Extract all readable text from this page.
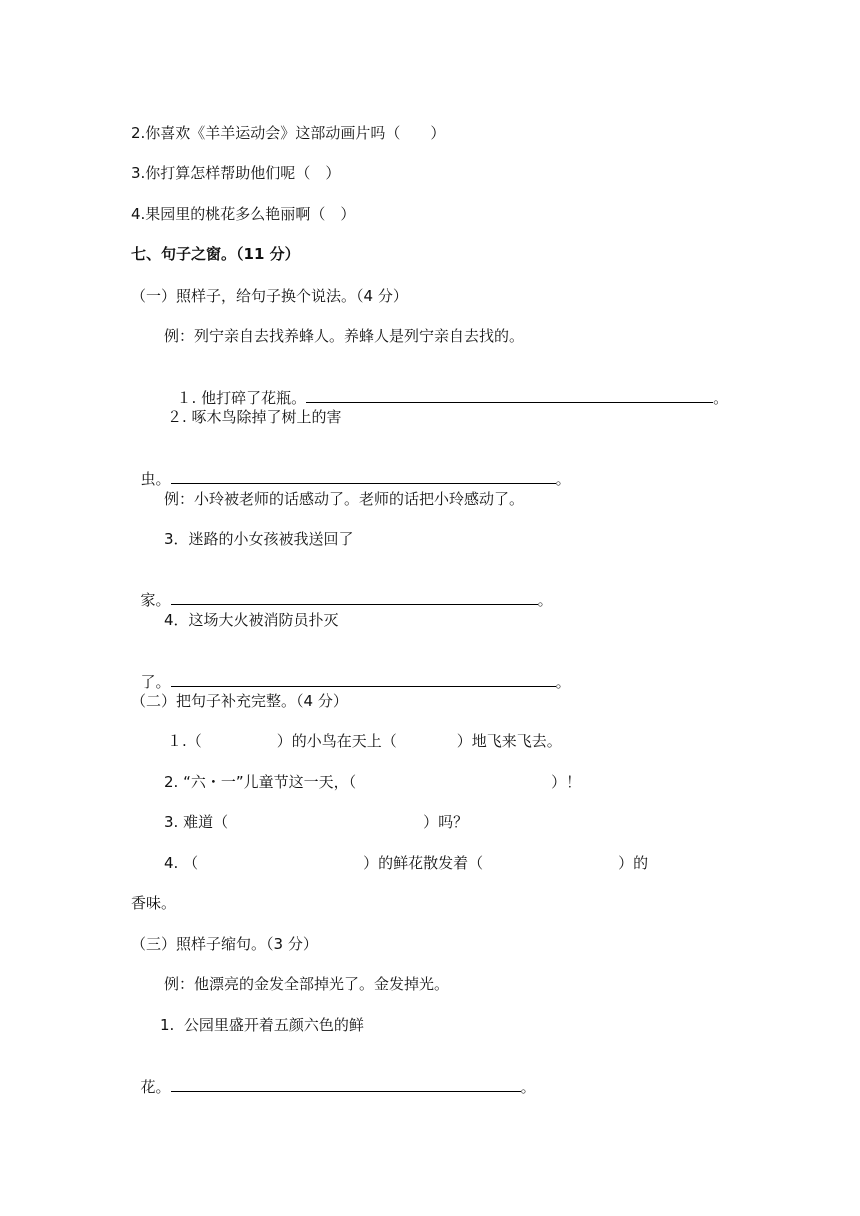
2.你喜欢《羊羊运动会》这部动画片吗（　　）
3.你打算怎样帮助他们呢（　）
4.果园里的桃花多么艳丽啊（　）
七、句子之窗。（11 分）
（一）照样子，给句子换个说法。（4 分）
例：列宁亲自去找养蜂人。养蜂人是列宁亲自去找的。

１. 他打碎了花瓶。	。

２. 啄木鸟除掉了树上的害

虫。	。

例：小玲被老师的话感动了。老师的话把小玲感动了。
3．迷路的小女孩被我送回了

家。	。

4．这场大火被消防员扑灭

了。	。

（二）把句子补充完整。（4 分）
１.（　　　　　）的小鸟在天上（　　　　）地飞来飞去。
2. “六・一”儿童节这一天，（　　　　　　　　　　　　　）！
3. 难道（　　　　　　　　　　　　　）吗？
4. （　　　　　　　　　　　）的鲜花散发着（　　　　　　　　　）的
香味。
（三）照样子缩句。（3 分）
例：他漂亮的金发全部掉光了。金发掉光。
1.  公园里盛开着五颜六色的鲜

花。	。
